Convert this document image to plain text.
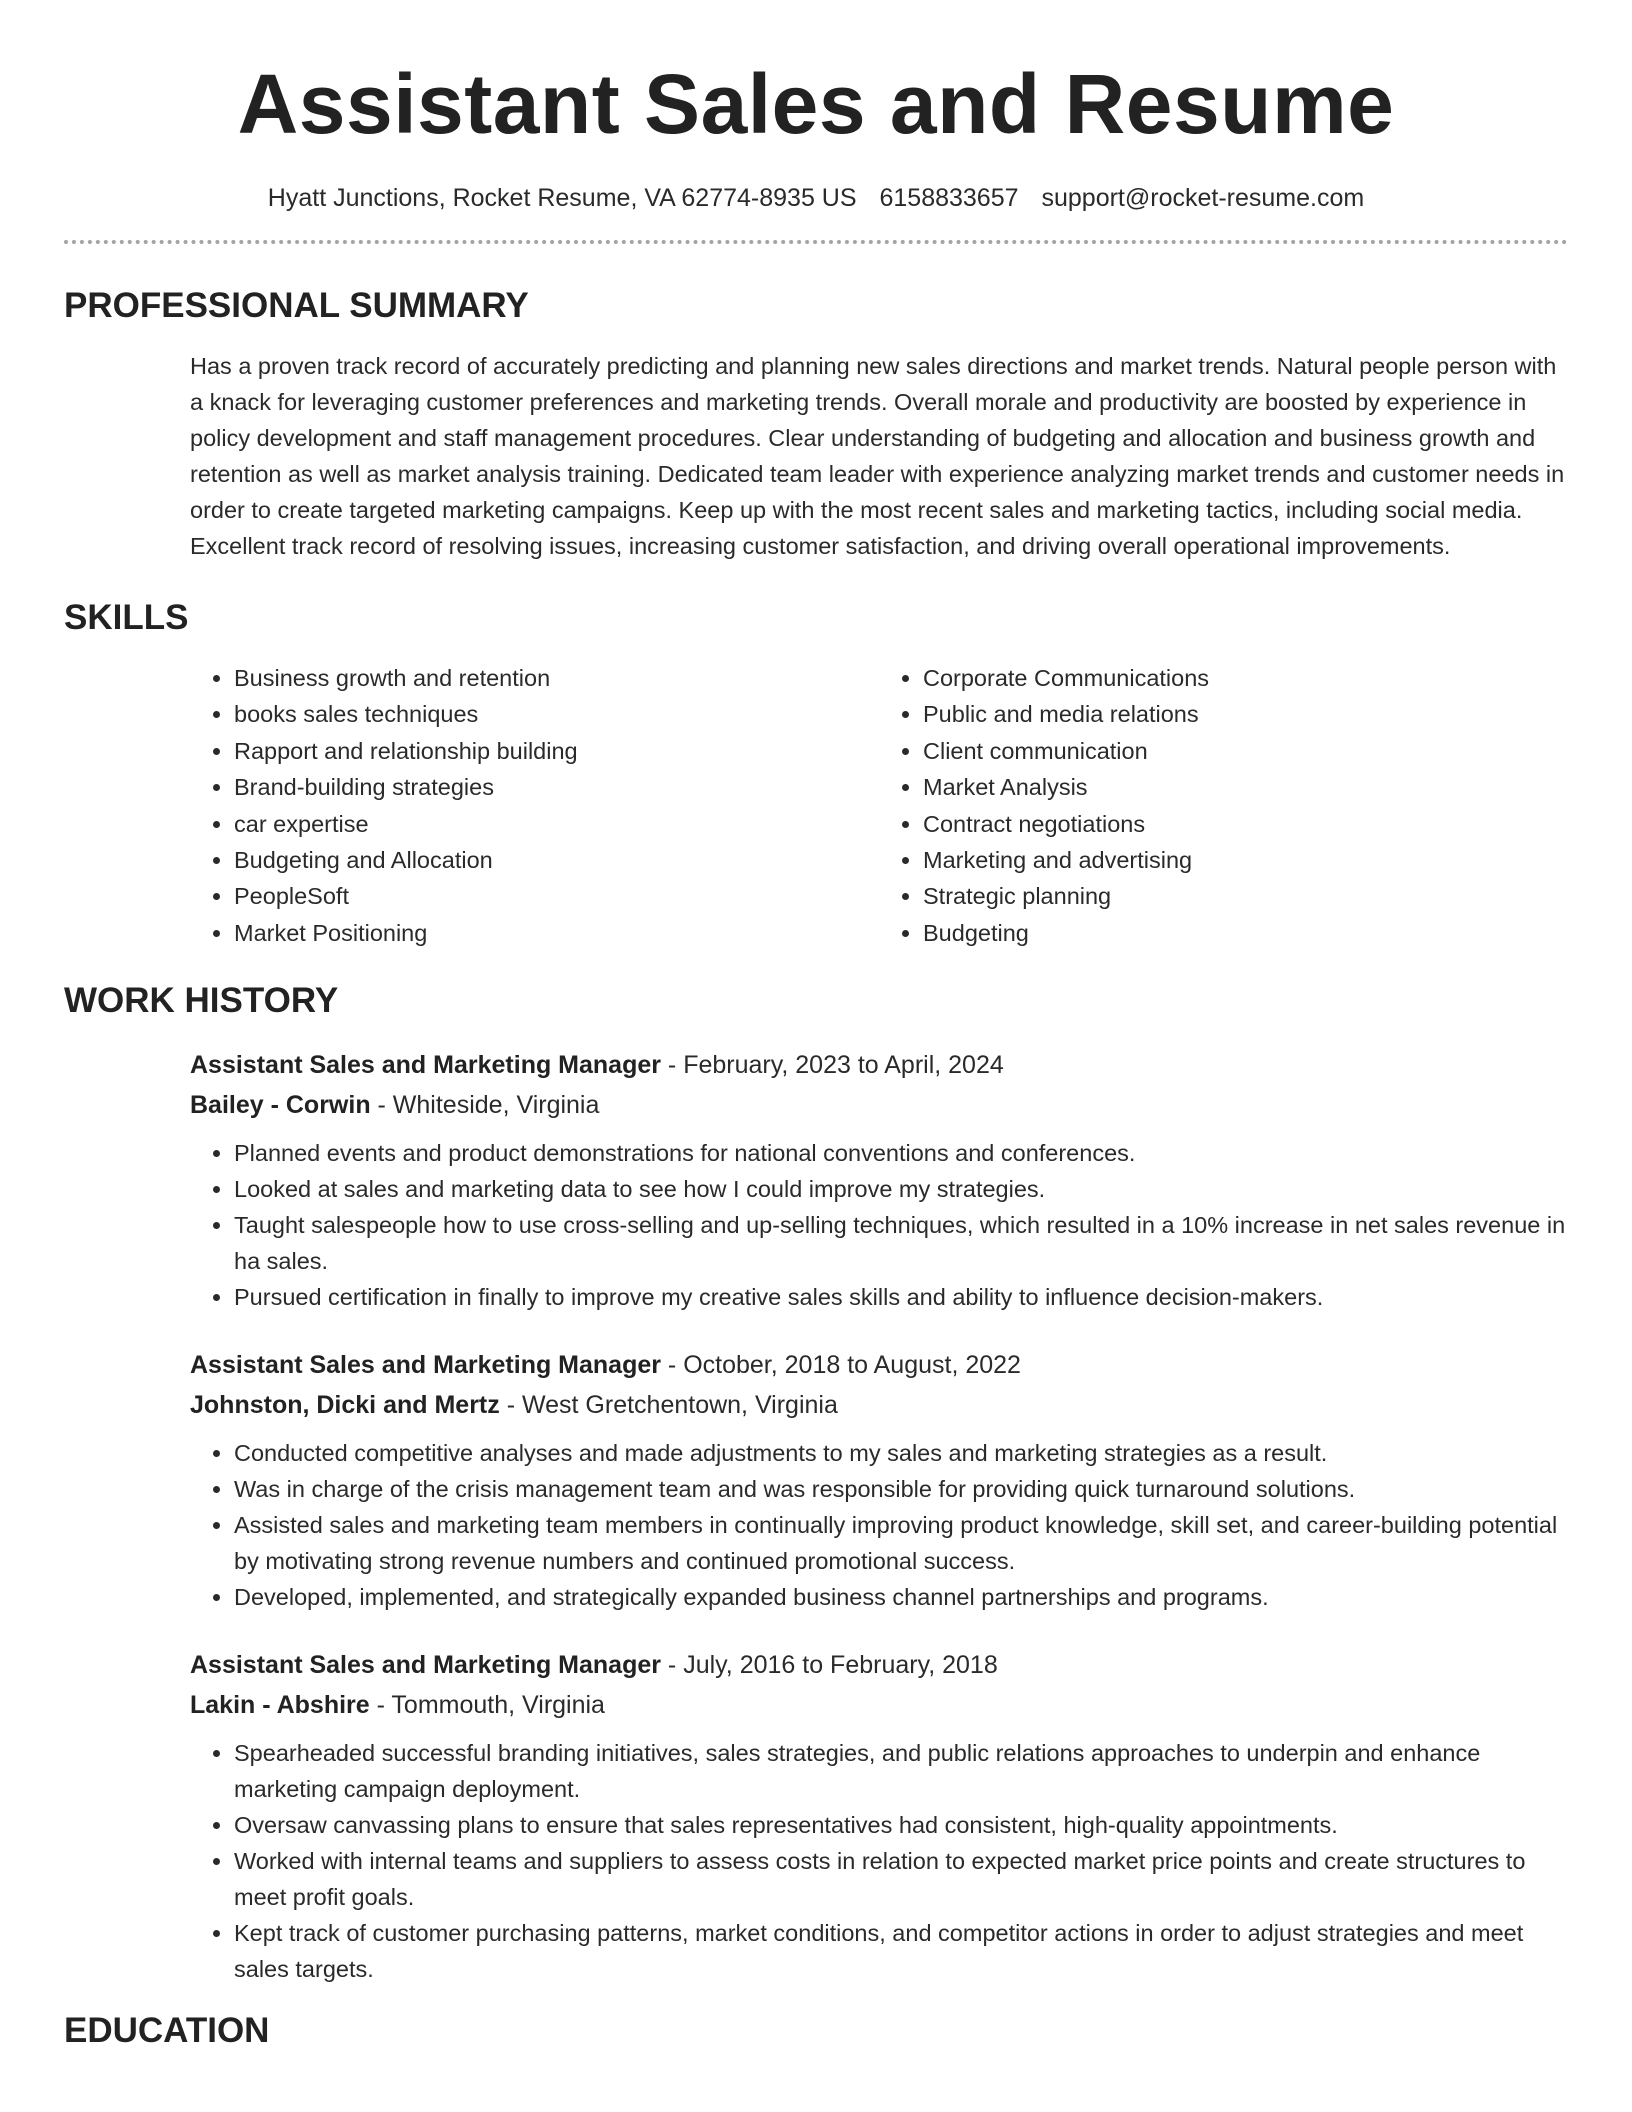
Assistant Sales and Resume
Hyatt Junctions, Rocket Resume, VA 62774-8935 US 6158833657 support@rocket-resume.com
PROFESSIONAL SUMMARY
Has a proven track record of accurately predicting and planning new sales directions and market trends. Natural people person with a knack for leveraging customer preferences and marketing trends. Overall morale and productivity are boosted by experience in policy development and staff management procedures. Clear understanding of budgeting and allocation and business growth and retention as well as market analysis training. Dedicated team leader with experience analyzing market trends and customer needs in order to create targeted marketing campaigns. Keep up with the most recent sales and marketing tactics, including social media. Excellent track record of resolving issues, increasing customer satisfaction, and driving overall operational improvements.
SKILLS
• Business growth and retention
• books sales techniques
• Rapport and relationship building
• Brand-building strategies
• car expertise
• Budgeting and Allocation
• PeopleSoft
• Market Positioning
• Corporate Communications
• Public and media relations
• Client communication
• Market Analysis
• Contract negotiations
• Marketing and advertising
• Strategic planning
• Budgeting
WORK HISTORY
Assistant Sales and Marketing Manager - February, 2023 to April, 2024
Bailey - Corwin - Whiteside, Virginia
• Planned events and product demonstrations for national conventions and conferences.
• Looked at sales and marketing data to see how I could improve my strategies.
• Taught salespeople how to use cross-selling and up-selling techniques, which resulted in a 10% increase in net sales revenue in ha sales.
• Pursued certification in finally to improve my creative sales skills and ability to influence decision-makers.
Assistant Sales and Marketing Manager - October, 2018 to August, 2022
Johnston, Dicki and Mertz - West Gretchentown, Virginia
• Conducted competitive analyses and made adjustments to my sales and marketing strategies as a result.
• Was in charge of the crisis management team and was responsible for providing quick turnaround solutions.
• Assisted sales and marketing team members in continually improving product knowledge, skill set, and career-building potential by motivating strong revenue numbers and continued promotional success.
• Developed, implemented, and strategically expanded business channel partnerships and programs.
Assistant Sales and Marketing Manager - July, 2016 to February, 2018
Lakin - Abshire - Tommouth, Virginia
• Spearheaded successful branding initiatives, sales strategies, and public relations approaches to underpin and enhance marketing campaign deployment.
• Oversaw canvassing plans to ensure that sales representatives had consistent, high-quality appointments.
• Worked with internal teams and suppliers to assess costs in relation to expected market price points and create structures to meet profit goals.
• Kept track of customer purchasing patterns, market conditions, and competitor actions in order to adjust strategies and meet sales targets.
EDUCATION
